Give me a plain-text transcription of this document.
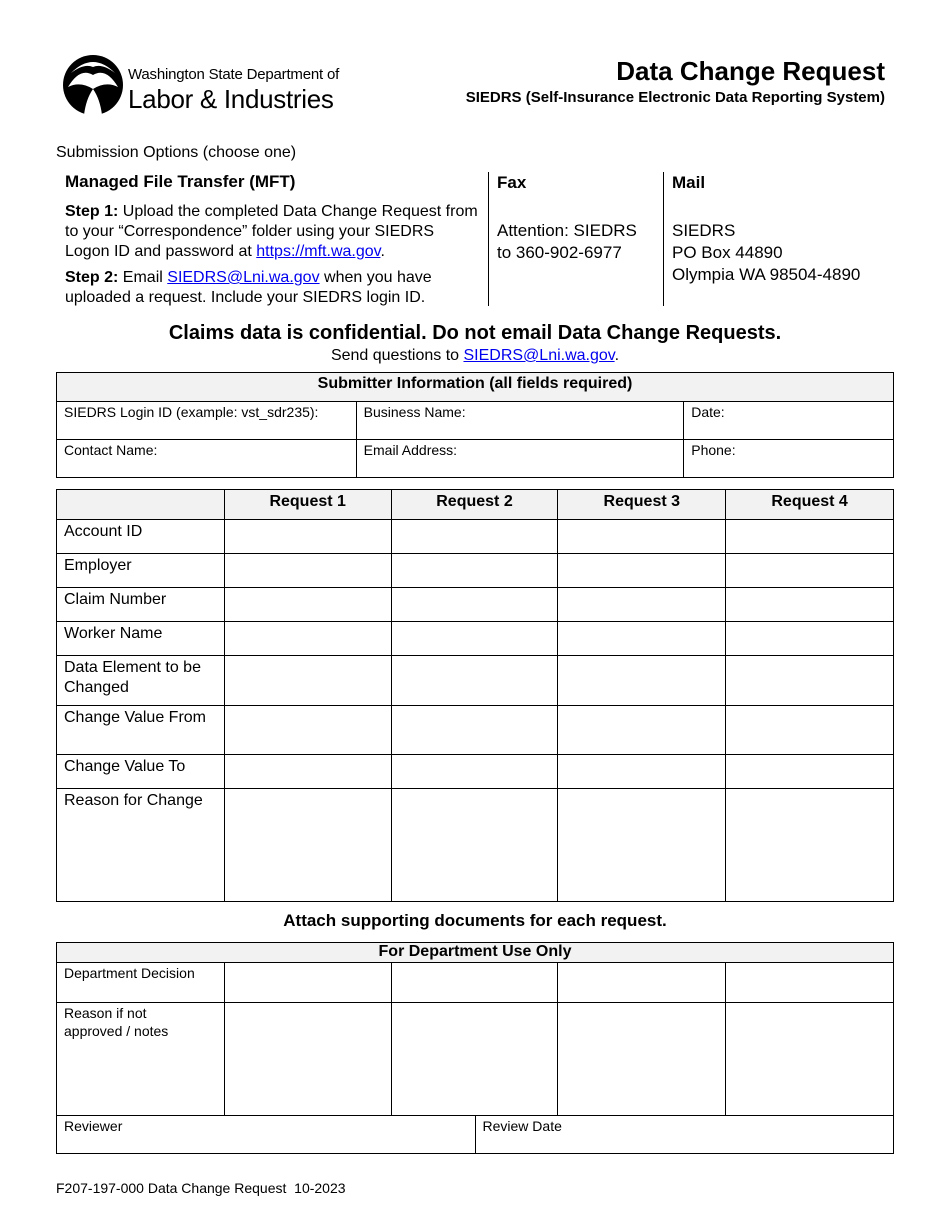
Washington State Department of
Labor & Industries
Data Change Request
SIEDRS (Self-Insurance Electronic Data Reporting System)
Submission Options (choose one)
Managed File Transfer (MFT)
Step 1: Upload the completed Data Change Request from to your “Correspondence” folder using your SIEDRS Logon ID and password at https://mft.wa.gov.
Step 2: Email SIEDRS@Lni.wa.gov when you have uploaded a request. Include your SIEDRS login ID.
Fax
Attention: SIEDRS
to 360-902-6977
Mail
SIEDRS
PO Box 44890
Olympia WA 98504-4890
Claims data is confidential. Do not email Data Change Requests.
Send questions to SIEDRS@Lni.wa.gov.
Submitter Information (all fields required)		
SIEDRS Login ID (example: vst_sdr235):	Business Name:	Date:
Contact Name:	Email Address:	Phone:
	Request 1	Request 2	Request 3	Request 4
Account ID				
Employer				
Claim Number				
Worker Name				
Data Element to be Changed				
Change Value From				
Change Value To				
Reason for Change				
Attach supporting documents for each request.
For Department Use Only					
Department Decision					
Reason if not approved / notes					
Reviewer			Review Date		
F207-197-000 Data Change Request  10-2023
